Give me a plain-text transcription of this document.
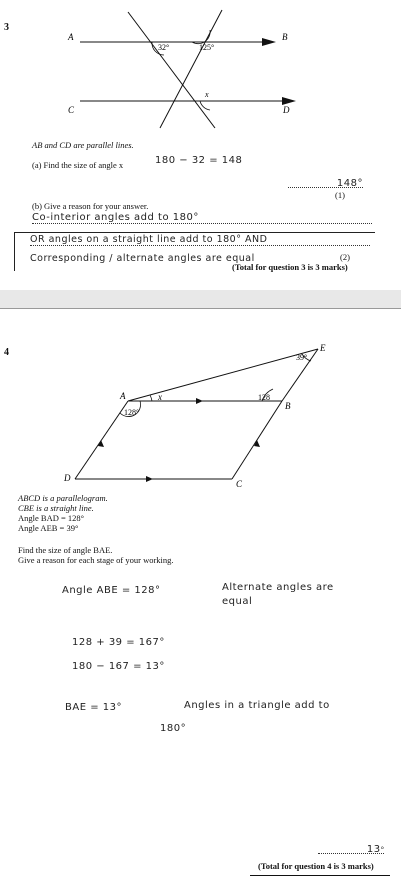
3
A	B
C	D
32°	125°
x
AB and CD are parallel lines.
(a) Find the size of angle x	180 − 32 = 148
148°
(1)
(b) Give a reason for your answer.
Co-interior angles add to 180°
OR angles on a straight line add to 180° AND
Corresponding / alternate angles are equal	(2)
(Total for question 3 is 3 marks)
4
A
B
C
D
E
39°
128°
128
x
ABCD is a parallelogram.
CBE is a straight line.
Angle BAD = 128°
Angle AEB = 39°
Find the size of angle BAE.
Give a reason for each stage of your working.
Angle ABE = 128°	Alternate angles are
equal
128 + 39 = 167°
180 − 167 = 13°
BAE = 13°	Angles in a triangle add to
180°
13°
(Total for question 4 is 3 marks)
